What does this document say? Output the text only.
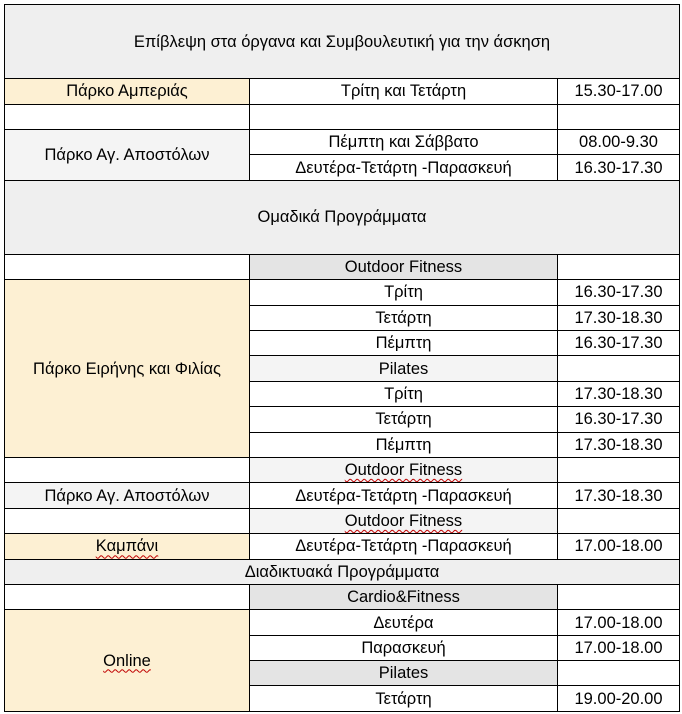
Επίβλεψη στα όργανα και Συμβουλευτική για την άσκηση		
Πάρκο Αμπεριάς	Τρίτη και Τετάρτη	15.30-17.00

Πάρκο Αγ. Αποστόλων	Πέμπτη και Σάββατο	08.00-9.30
	Δευτέρα-Τετάρτη -Παρασκευή	16.30-17.30
Ομαδικά Προγράμματα		
	Outdoor Fitness	
Πάρκο Ειρήνης και Φιλίας	Τρίτη	16.30-17.30
	Τετάρτη	17.30-18.30
	Πέμπτη	16.30-17.30
	Pilates	
	Τρίτη	17.30-18.30
	Τετάρτη	16.30-17.30
	Πέμπτη	17.30-18.30
	Outdoor Fitness	
Πάρκο Αγ. Αποστόλων	Δευτέρα-Τετάρτη -Παρασκευή	17.30-18.30
	Outdoor Fitness	
Καμπάνι	Δευτέρα-Τετάρτη -Παρασκευή	17.00-18.00
Διαδικτυακά Προγράμματα		
	Cardio&Fitness	
Online	Δευτέρα	17.00-18.00
	Παρασκευή	17.00-18.00
	Pilates	
	Τετάρτη	19.00-20.00
